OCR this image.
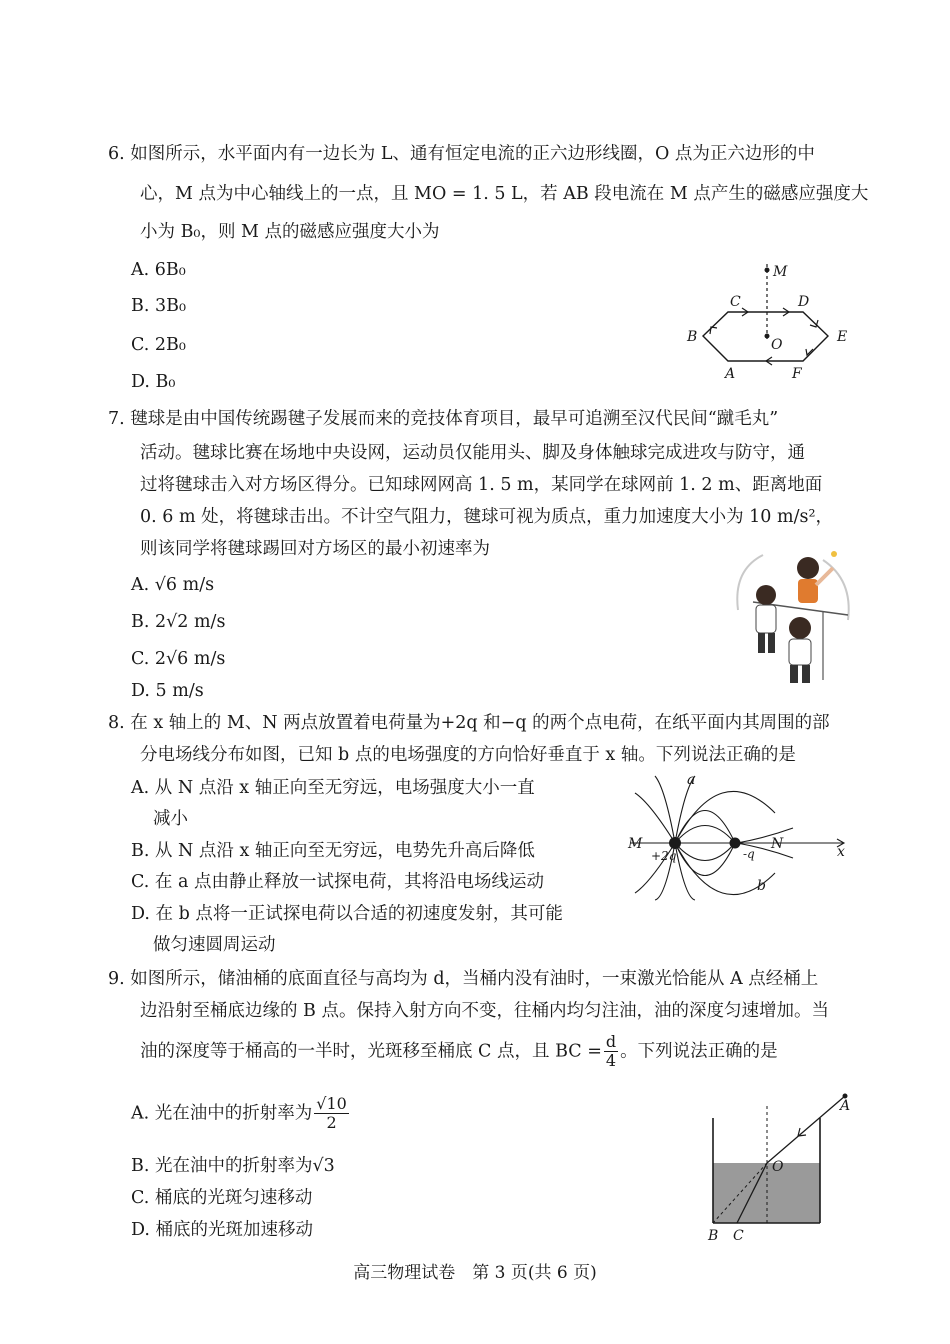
6. 如图所示，水平面内有一边长为 L、通有恒定电流的正六边形线圈，O 点为正六边形的中
心，M 点为中心轴线上的一点，且 MO = 1. 5 L，若 AB 段电流在 M 点产生的磁感应强度大
小为 B₀，则 M 点的磁感应强度大小为
A. 6B₀
B. 3B₀
C. 2B₀
D. B₀
M
C	D
B	O	E
A	F
7. 毽球是由中国传统踢毽子发展而来的竞技体育项目，最早可追溯至汉代民间“蹴毛丸”
活动。毽球比赛在场地中央设网，运动员仅能用头、脚及身体触球完成进攻与防守，通
过将毽球击入对方场区得分。已知球网网高 1. 5 m，某同学在球网前 1. 2 m、距离地面
0. 6 m 处，将毽球击出。不计空气阻力，毽球可视为质点，重力加速度大小为 10 m/s²，
则该同学将毽球踢回对方场区的最小初速率为
A. √6 m/s
B. 2√2 m/s
C. 2√6 m/s
D. 5 m/s
8. 在 x 轴上的 M、N 两点放置着电荷量为+2q 和−q 的两个点电荷，在纸平面内其周围的部
分电场线分布如图，已知 b 点的电场强度的方向恰好垂直于 x 轴。下列说法正确的是
A. 从 N 点沿 x 轴正向至无穷远，电场强度大小一直
减小
B. 从 N 点沿 x 轴正向至无穷远，电势先升高后降低
C. 在 a 点由静止释放一试探电荷，其将沿电场线运动
D. 在 b 点将一正试探电荷以合适的初速度发射，其可能
做匀速圆周运动
a
M
+2q
N
-q	x
b
9. 如图所示，储油桶的底面直径与高均为 d，当桶内没有油时，一束激光恰能从 A 点经桶上
边沿射至桶底边缘的 B 点。保持入射方向不变，往桶内均匀注油，油的深度匀速增加。当
油的深度等于桶高的一半时，光斑移至桶底 C 点，且 BC = $\frac{d}{4}$ 。下列说法正确的是
A. 光在油中的折射率为 $\frac{√10}{2}$
B. 光在油中的折射率为√3
C. 桶底的光斑匀速移动
D. 桶底的光斑加速移动
A
O
B C
高三物理试卷　第 3 页(共 6 页)
